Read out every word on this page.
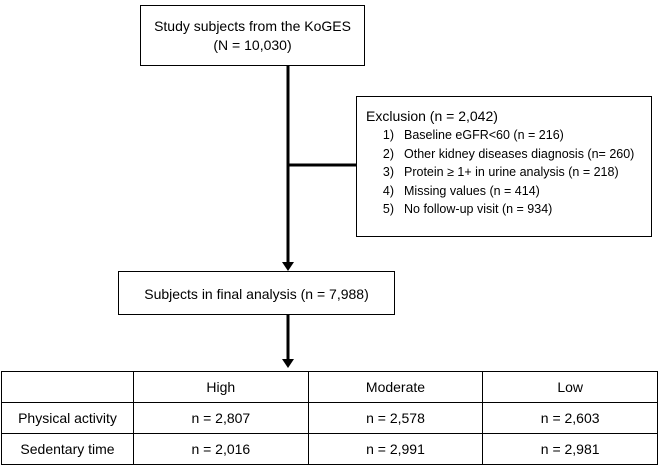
Study subjects from the KoGES
(N = 10,030)
Exclusion (n = 2,042)
1) Baseline eGFR<60 (n = 216)
2) Other kidney diseases diagnosis (n= 260)
3) Protein ≥ 1+ in urine analysis (n = 218)
4) Missing values (n = 414)
5) No follow-up visit (n = 934)
Subjects in final analysis (n = 7,988)
	High	Moderate	Low
Physical activity	n = 2,807	n = 2,578	n = 2,603
Sedentary time	n = 2,016	n = 2,991	n = 2,981
